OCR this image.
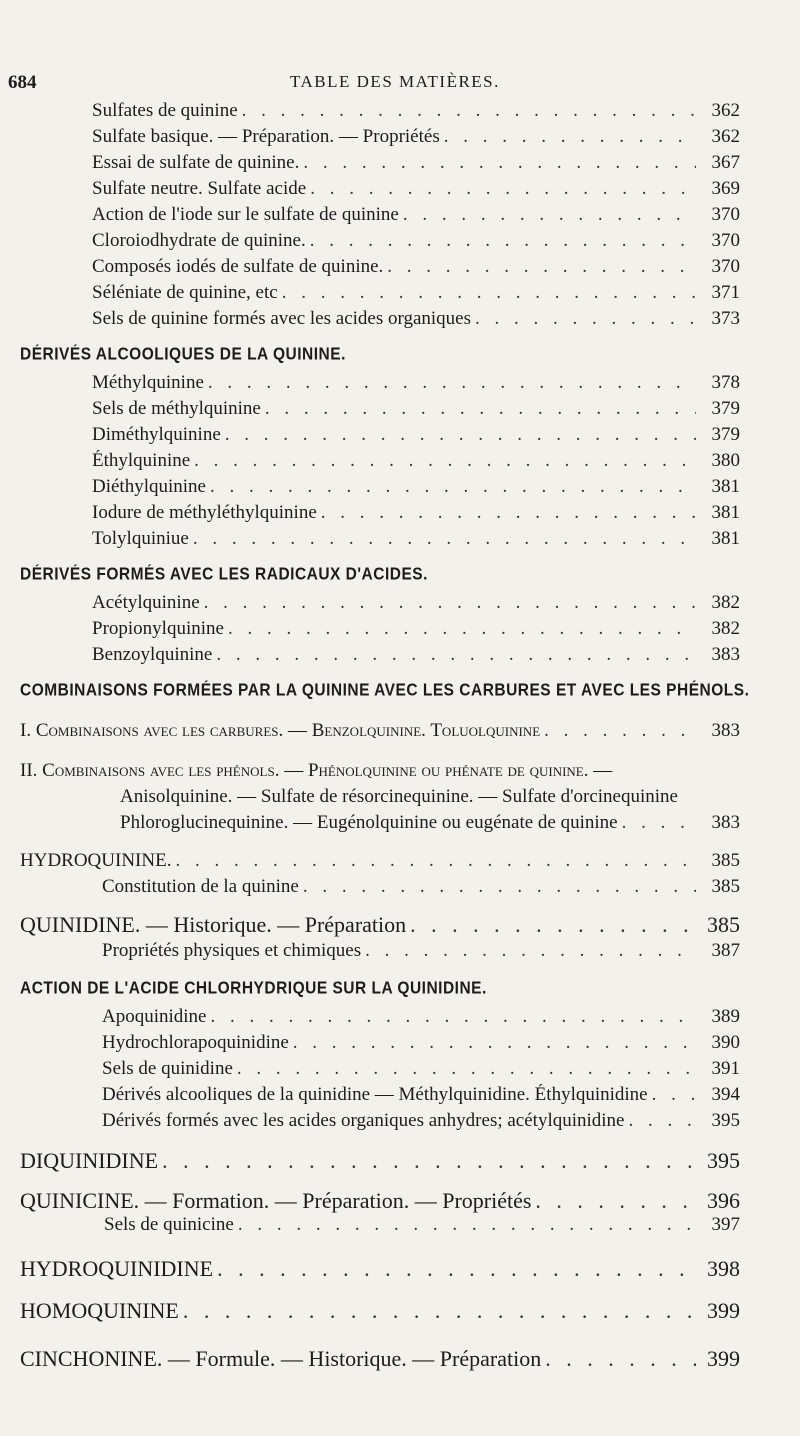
684	TABLE DES MATIÈRES.
Sulfates de quinine . . .	362
Sulfate basique. — Préparation. — Propriétés . . .	362
Essai de sulfate de quinine. . . .	367
Sulfate neutre. Sulfate acide . . .	369
Action de l'iode sur le sulfate de quinine . . .	370
Cloroiodhydrate de quinine. . . .	370
Composés iodés de sulfate de quinine. . . .	370
Séléniate de quinine, etc . . .	371
Sels de quinine formés avec les acides organiques . . .	373
DÉRIVÉS ALCOOLIQUES DE LA QUININE.
Méthylquinine . . .	378
Sels de méthylquinine . . .	379
Diméthylquinine . . .	379
Éthylquinine . . .	380
Diéthylquinine . . .	381
Iodure de méthyléthylquinine . . .	381
Tolylquiniue . . .	381
DÉRIVÉS FORMÉS AVEC LES RADICAUX D'ACIDES.
Acétylquinine . . .	382
Propionylquinine . . .	382
Benzoylquinine . . .	383
COMBINAISONS FORMÉES PAR LA QUININE AVEC LES CARBURES ET AVEC LES PHÉNOLS.
I. Combinaisons avec les carbures. — Benzolquinine. Toluolquinine . . .	383
II. Combinaisons avec les phénols. — Phénolquinine ou phénate de quinine. —
Anisolquinine. — Sulfate de résorcinequinine. — Sulfate d'orcinequinine
Phloroglucinequinine. — Eugénolquinine ou eugénate de quinine . . .	383
HYDROQUININE. . . .	385
Constitution de la quinine . . .	385
QUINIDINE. — Historique. — Préparation . . .	385
Propriétés physiques et chimiques . . .	387
ACTION DE L'ACIDE CHLORHYDRIQUE SUR LA QUINIDINE.
Apoquinidine . . .	389
Hydrochlorapoquinidine . . .	390
Sels de quinidine . . .	391
Dérivés alcooliques de la quinidine — Méthylquinidine. Éthylquinidine . . .	394
Dérivés formés avec les acides organiques anhydres; acétylquinidine . . .	395
DIQUINIDINE . . .	395
QUINICINE. — Formation. — Préparation. — Propriétés . . .	396
Sels de quinicine . . .	397
HYDROQUINIDINE . . .	398
HOMOQUININE . . .	399
CINCHONINE. — Formule. — Historique. — Préparation . . .	399
